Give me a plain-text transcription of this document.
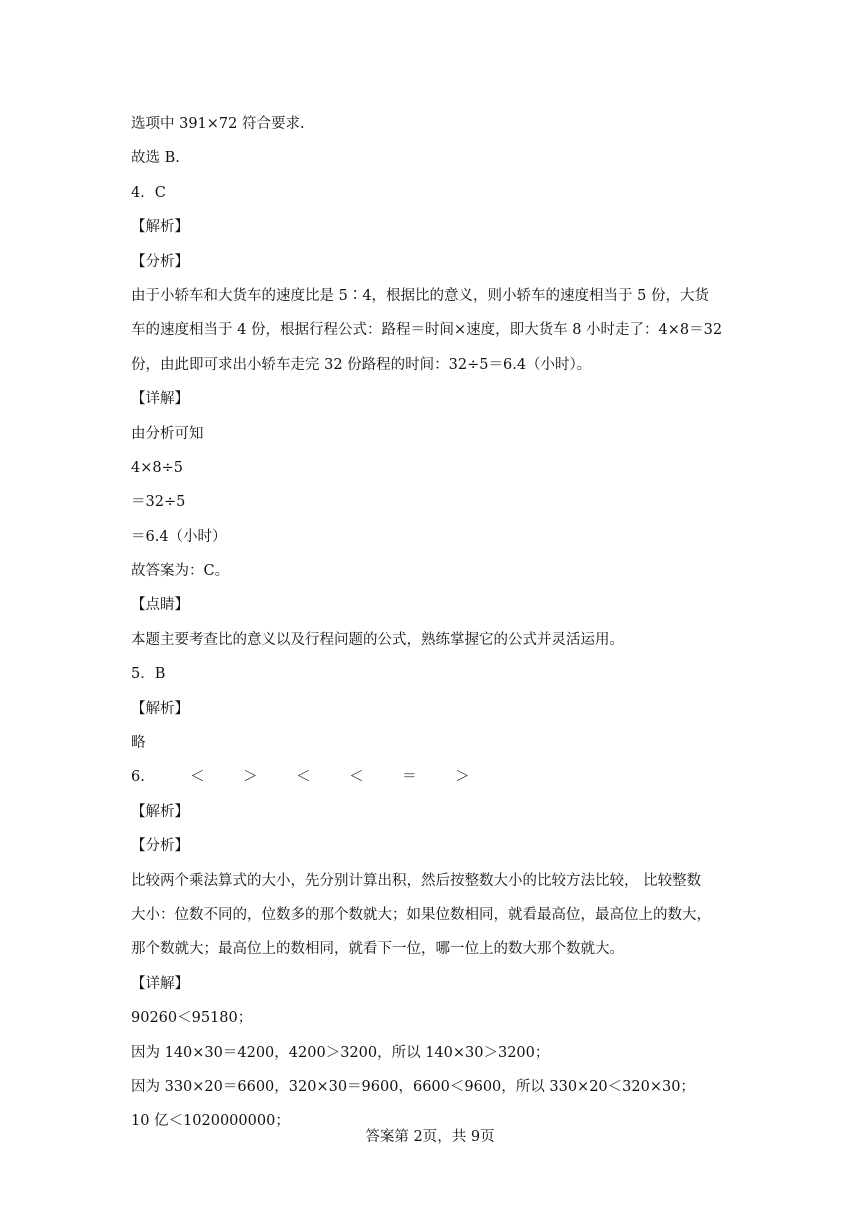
选项中 391×72 符合要求.
故选 B.
4．C
【解析】
【分析】
由于小轿车和大货车的速度比是 5∶4，根据比的意义，则小轿车的速度相当于 5 份，大货
车的速度相当于 4 份，根据行程公式：路程＝时间×速度，即大货车 8 小时走了：4×8＝32
份，由此即可求出小轿车走完 32 份路程的时间：32÷5＝6.4（小时）。
【详解】
由分析可知
4×8÷5
＝32÷5
＝6.4（小时）
故答案为：C。
【点睛】
本题主要考查比的意义以及行程问题的公式，熟练掌握它的公式并灵活运用。
5．B
【解析】
略
6.	＜	＞	＜	＜	＝	＞
【解析】
【分析】
比较两个乘法算式的大小，先分别计算出积，然后按整数大小的比较方法比较， 比较整数
大小：位数不同的，位数多的那个数就大；如果位数相同，就看最高位，最高位上的数大，
那个数就大；最高位上的数相同，就看下一位，哪一位上的数大那个数就大。
【详解】
90260＜95180；
因为 140×30＝4200，4200＞3200，所以 140×30＞3200；
因为 330×20＝6600，320×30＝9600，6600＜9600，所以 330×20＜320×30；
10 亿＜1020000000；
答案第 2页，共 9页
